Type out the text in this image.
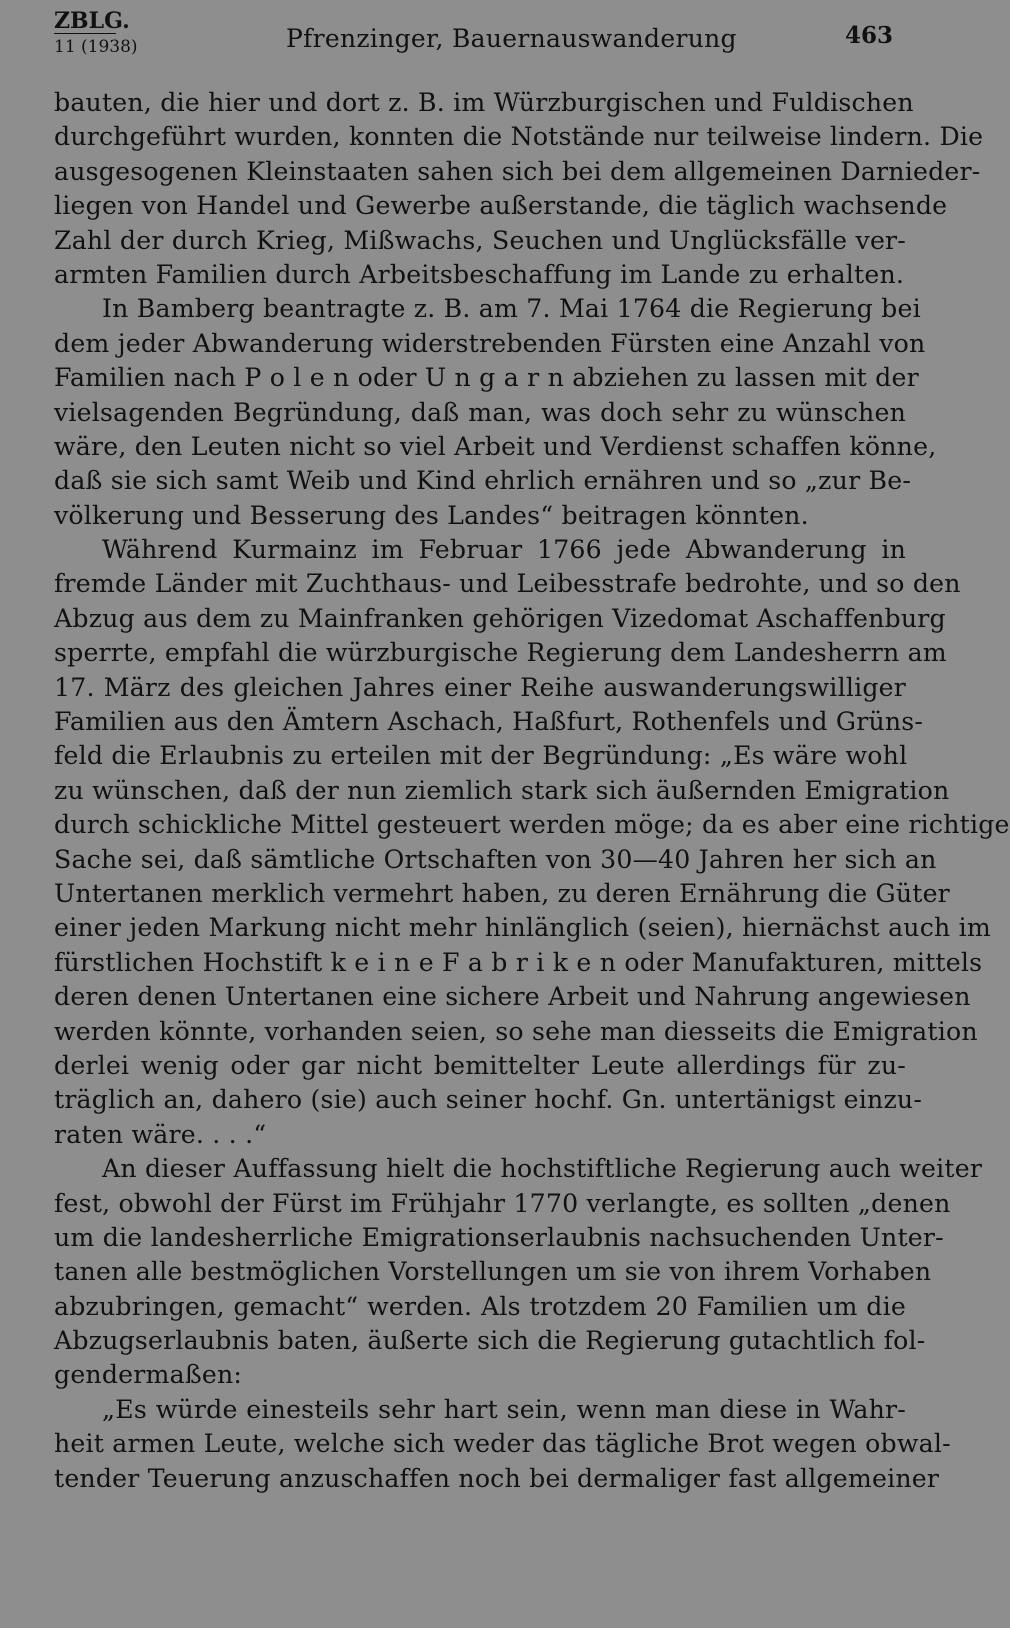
ZBLG.
11 (1938)	Pfrenzinger, Bauernauswanderung	463
bauten, die hier und dort z. B. im Würzburgischen und Fuldischen
durchgeführt wurden, konnten die Notstände nur teilweise lindern. Die
ausgesogenen Kleinstaaten sahen sich bei dem allgemeinen Darnieder-
liegen von Handel und Gewerbe außerstande, die täglich wachsende
Zahl der durch Krieg, Mißwachs, Seuchen und Unglücksfälle ver-
armten Familien durch Arbeitsbeschaffung im Lande zu erhalten.
In Bamberg beantragte z. B. am 7. Mai 1764 die Regierung bei
dem jeder Abwanderung widerstrebenden Fürsten eine Anzahl von
Familien nach P o l e n oder U n g a r n abziehen zu lassen mit der
vielsagenden Begründung, daß man, was doch sehr zu wünschen
wäre, den Leuten nicht so viel Arbeit und Verdienst schaffen könne,
daß sie sich samt Weib und Kind ehrlich ernähren und so „zur Be-
völkerung und Besserung des Landes“ beitragen könnten.
Während Kurmainz im Februar 1766 jede Abwanderung in
fremde Länder mit Zuchthaus- und Leibesstrafe bedrohte, und so den
Abzug aus dem zu Mainfranken gehörigen Vizedomat Aschaffenburg
sperrte, empfahl die würzburgische Regierung dem Landesherrn am
17. März des gleichen Jahres einer Reihe auswanderungswilliger
Familien aus den Ämtern Aschach, Haßfurt, Rothenfels und Grüns-
feld die Erlaubnis zu erteilen mit der Begründung: „Es wäre wohl
zu wünschen, daß der nun ziemlich stark sich äußernden Emigration
durch schickliche Mittel gesteuert werden möge; da es aber eine richtige
Sache sei, daß sämtliche Ortschaften von 30—40 Jahren her sich an
Untertanen merklich vermehrt haben, zu deren Ernährung die Güter
einer jeden Markung nicht mehr hinlänglich (seien), hiernächst auch im
fürstlichen Hochstift k e i n e F a b r i k e n oder Manufakturen, mittels
deren denen Untertanen eine sichere Arbeit und Nahrung angewiesen
werden könnte, vorhanden seien, so sehe man diesseits die Emigration
derlei wenig oder gar nicht bemittelter Leute allerdings für zu-
träglich an, dahero (sie) auch seiner hochf. Gn. untertänigst einzu-
raten wäre. . . .“
An dieser Auffassung hielt die hochstiftliche Regierung auch weiter
fest, obwohl der Fürst im Frühjahr 1770 verlangte, es sollten „denen
um die landesherrliche Emigrationserlaubnis nachsuchenden Unter-
tanen alle bestmöglichen Vorstellungen um sie von ihrem Vorhaben
abzubringen, gemacht“ werden. Als trotzdem 20 Familien um die
Abzugserlaubnis baten, äußerte sich die Regierung gutachtlich fol-
gendermaßen:
„Es würde einesteils sehr hart sein, wenn man diese in Wahr-
heit armen Leute, welche sich weder das tägliche Brot wegen obwal-
tender Teuerung anzuschaffen noch bei dermaliger fast allgemeiner
